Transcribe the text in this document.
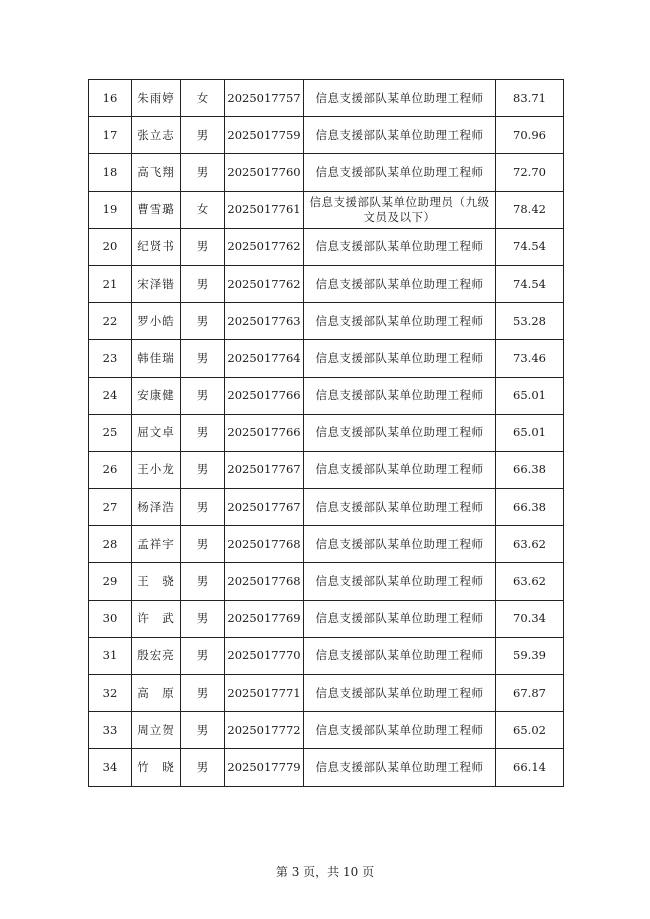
16	朱雨婷	女	2025017757	信息支援部队某单位助理工程师	83.71
17	张立志	男	2025017759	信息支援部队某单位助理工程师	70.96
18	高飞翔	男	2025017760	信息支援部队某单位助理工程师	72.70
19	曹雪璐	女	2025017761	信息支援部队某单位助理员（九级文员及以下）	78.42
20	纪贤书	男	2025017762	信息支援部队某单位助理工程师	74.54
21	宋泽锴	男	2025017762	信息支援部队某单位助理工程师	74.54
22	罗小皓	男	2025017763	信息支援部队某单位助理工程师	53.28
23	韩佳瑞	男	2025017764	信息支援部队某单位助理工程师	73.46
24	安康健	男	2025017766	信息支援部队某单位助理工程师	65.01
25	屈文卓	男	2025017766	信息支援部队某单位助理工程师	65.01
26	王小龙	男	2025017767	信息支援部队某单位助理工程师	66.38
27	杨泽浩	男	2025017767	信息支援部队某单位助理工程师	66.38
28	孟祥宇	男	2025017768	信息支援部队某单位助理工程师	63.62
29	王　骁	男	2025017768	信息支援部队某单位助理工程师	63.62
30	许　武	男	2025017769	信息支援部队某单位助理工程师	70.34
31	殷宏亮	男	2025017770	信息支援部队某单位助理工程师	59.39
32	高　原	男	2025017771	信息支援部队某单位助理工程师	67.87
33	周立贺	男	2025017772	信息支援部队某单位助理工程师	65.02
34	竹　晓	男	2025017779	信息支援部队某单位助理工程师	66.14
第 3 页，共 10 页
